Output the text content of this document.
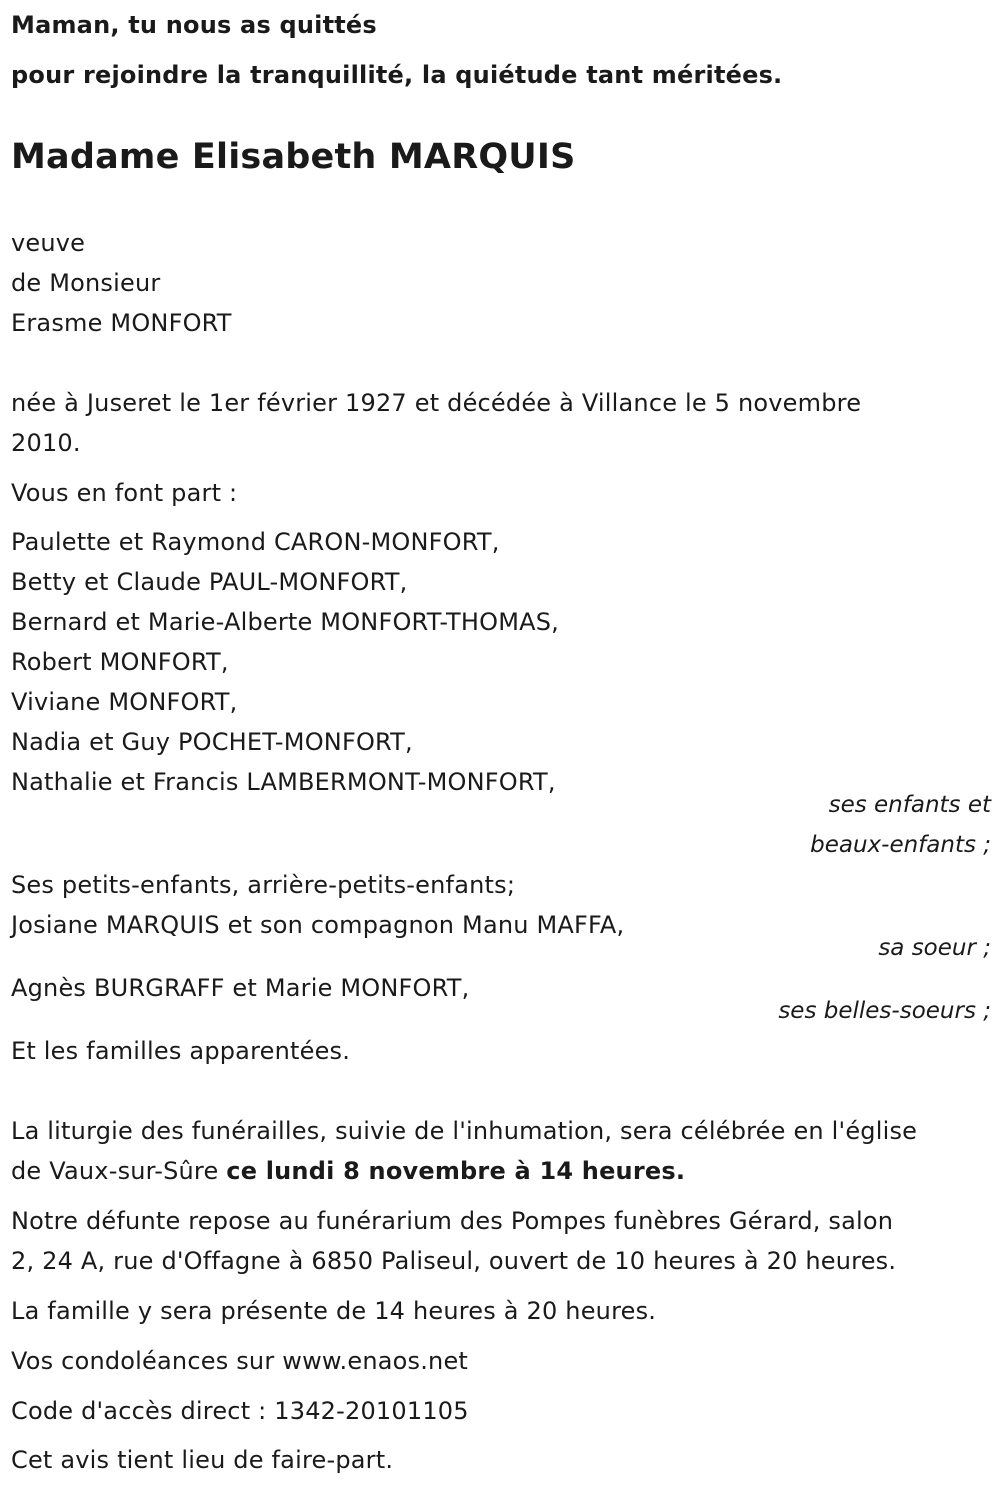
Maman, tu nous as quittés
pour rejoindre la tranquillité, la quiétude tant méritées.
Madame Elisabeth MARQUIS
veuve
de Monsieur
Erasme MONFORT
née à Juseret le 1er février 1927 et décédée à Villance le 5 novembre
2010.
Vous en font part :
Paulette et Raymond CARON-MONFORT,
Betty et Claude PAUL-MONFORT,
Bernard et Marie-Alberte MONFORT-THOMAS,
Robert MONFORT,
Viviane MONFORT,
Nadia et Guy POCHET-MONFORT,
Nathalie et Francis LAMBERMONT-MONFORT,
ses enfants et
beaux-enfants ;
Ses petits-enfants, arrière-petits-enfants;
Josiane MARQUIS et son compagnon Manu MAFFA,
sa soeur ;
Agnès BURGRAFF et Marie MONFORT,
ses belles-soeurs ;
Et les familles apparentées.
La liturgie des funérailles, suivie de l'inhumation, sera célébrée en l'église
de Vaux-sur-Sûre ce lundi 8 novembre à 14 heures.
Notre défunte repose au funérarium des Pompes funèbres Gérard, salon
2, 24 A, rue d'Offagne à 6850 Paliseul, ouvert de 10 heures à 20 heures.
La famille y sera présente de 14 heures à 20 heures.
Vos condoléances sur www.enaos.net
Code d'accès direct : 1342-20101105
Cet avis tient lieu de faire-part.
